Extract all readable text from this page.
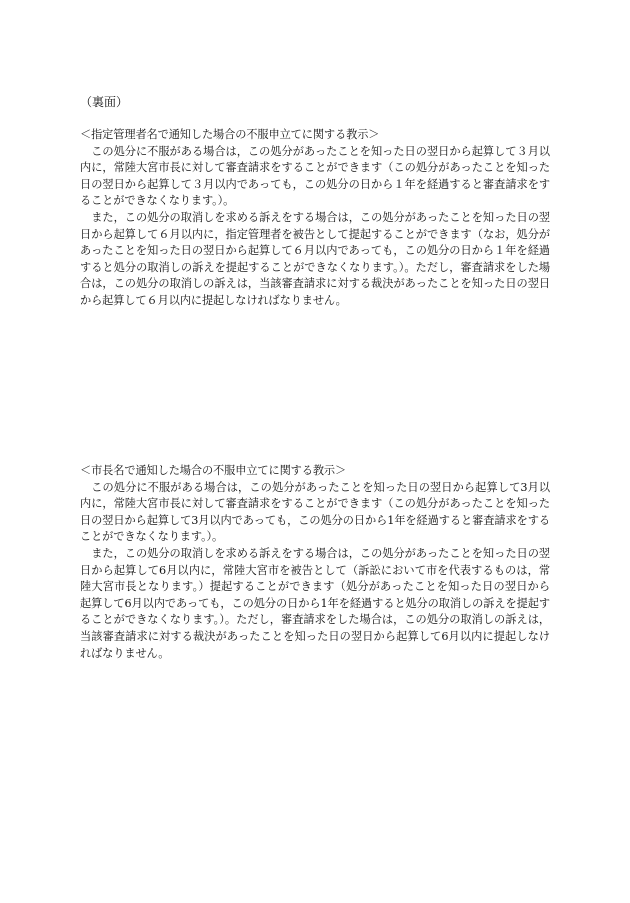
（裏面）

＜指定管理者名で通知した場合の不服申立てに関する教示＞

この処分に不服がある場合は，この処分があったことを知った日の翌日から起算して３月以内に，常陸大宮市長に対して審査請求をすることができます（この処分があったことを知った日の翌日から起算して３月以内であっても，この処分の日から１年を経過すると審査請求をすることができなくなります。）。

また，この処分の取消しを求める訴えをする場合は，この処分があったことを知った日の翌日から起算して６月以内に，指定管理者を被告として提起することができます（なお，処分があったことを知った日の翌日から起算して６月以内であっても，この処分の日から１年を経過すると処分の取消しの訴えを提起することができなくなります。）。ただし，審査請求をした場合は，この処分の取消しの訴えは，当該審査請求に対する裁決があったことを知った日の翌日から起算して６月以内に提起しなければなりません。

＜市長名で通知した場合の不服申立てに関する教示＞

この処分に不服がある場合は，この処分があったことを知った日の翌日から起算して3月以内に，常陸大宮市長に対して審査請求をすることができます（この処分があったことを知った日の翌日から起算して3月以内であっても，この処分の日から1年を経過すると審査請求をすることができなくなります。）。

また，この処分の取消しを求める訴えをする場合は，この処分があったことを知った日の翌日から起算して6月以内に，常陸大宮市を被告として（訴訟において市を代表するものは，常陸大宮市長となります。）提起することができます（処分があったことを知った日の翌日から起算して6月以内であっても，この処分の日から1年を経過すると処分の取消しの訴えを提起することができなくなります。）。ただし，審査請求をした場合は，この処分の取消しの訴えは，当該審査請求に対する裁決があったことを知った日の翌日から起算して6月以内に提起しなければなりません。
